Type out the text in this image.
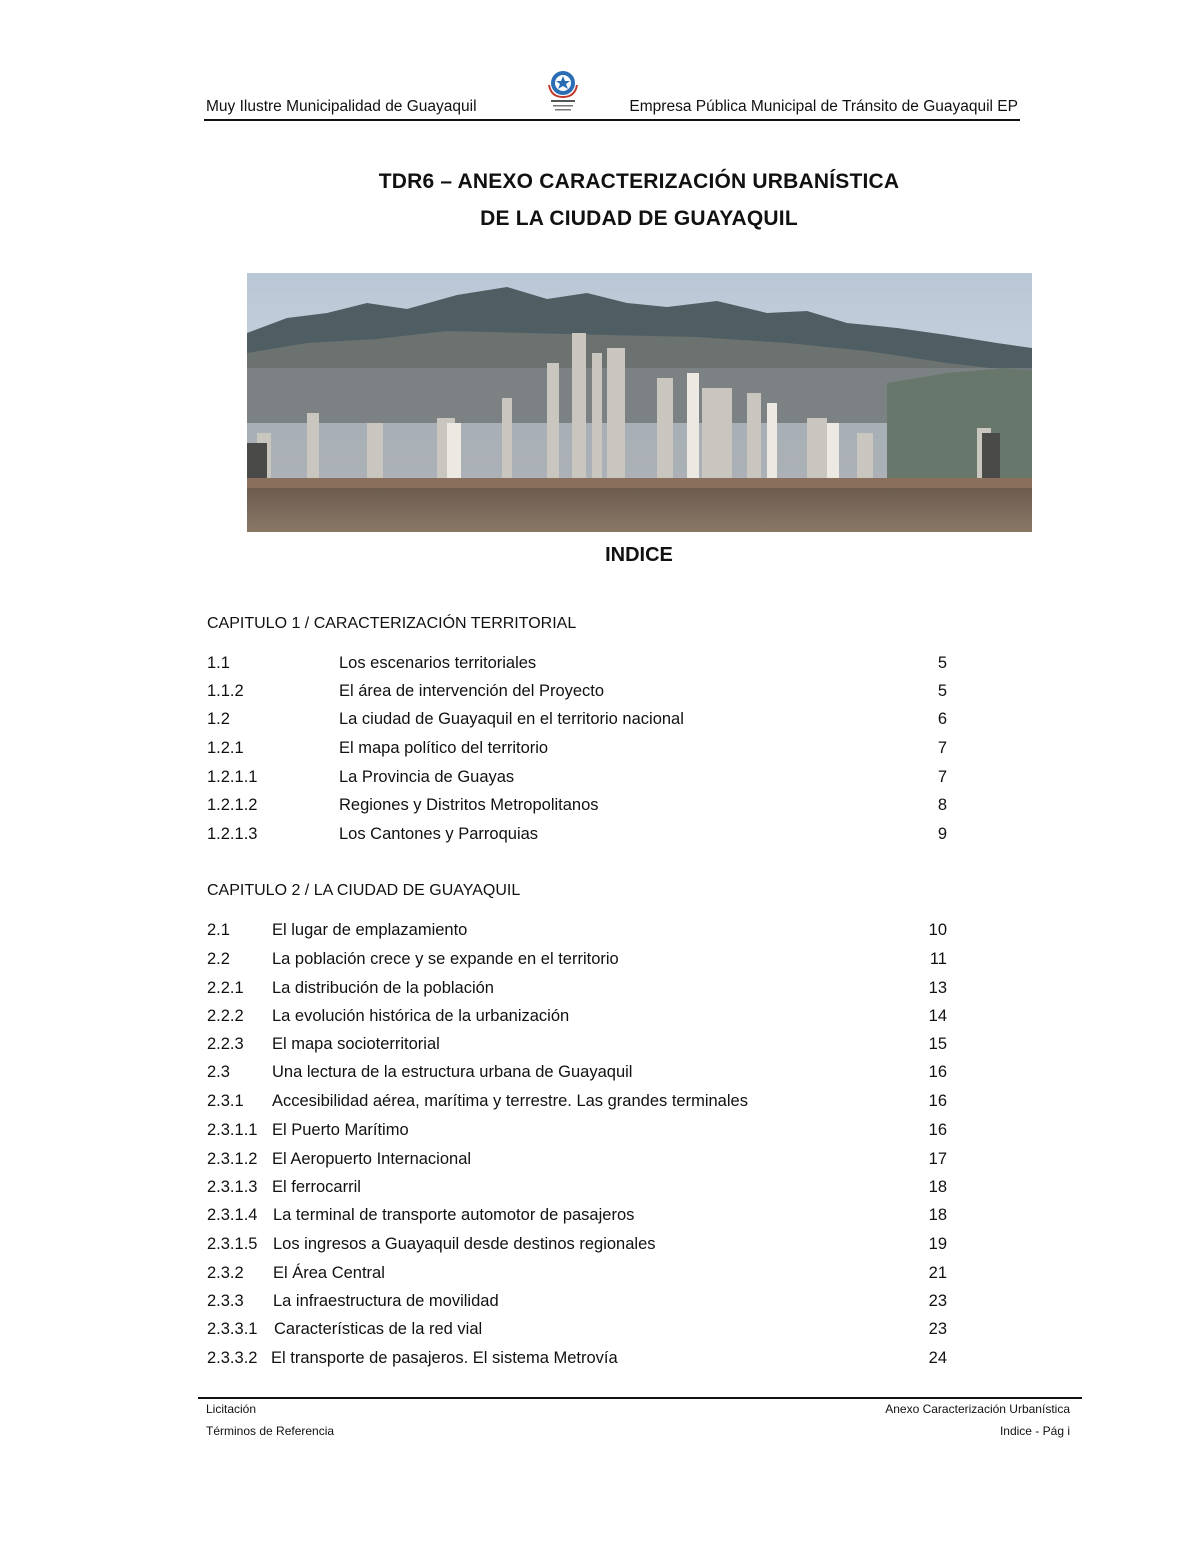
Muy Ilustre Municipalidad de Guayaquil	Empresa Pública Municipal de Tránsito de Guayaquil EP
TDR6 – ANEXO CARACTERIZACIÓN URBANÍSTICA
DE LA CIUDAD DE GUAYAQUIL
INDICE
CAPITULO 1 / CARACTERIZACIÓN TERRITORIAL
1.1	Los escenarios territoriales	5
1.1.2	El área de intervención del Proyecto	5
1.2	La ciudad de Guayaquil en el territorio nacional	6
1.2.1	El mapa político del territorio	7
1.2.1.1	La Provincia de Guayas	7
1.2.1.2	Regiones y Distritos Metropolitanos	8
1.2.1.3	Los Cantones y Parroquias	9
CAPITULO 2 / LA CIUDAD DE GUAYAQUIL
2.1	El lugar de emplazamiento	10
2.2	La población crece y se expande en el territorio	11
2.2.1 La distribución de la población	13
2.2.2 La evolución histórica de la urbanización	14
2.2.3 El mapa socioterritorial	15
2.3	Una lectura de la estructura urbana de Guayaquil	16
2.3.1 Accesibilidad aérea, marítima y terrestre. Las grandes terminales	16
2.3.1.1 El Puerto Marítimo	16
2.3.1.2 El Aeropuerto Internacional	17
2.3.1.3 El ferrocarril	18
2.3.1.4 La terminal de transporte automotor de pasajeros	18
2.3.1.5 Los ingresos a Guayaquil desde destinos regionales	19
2.3.2 El Área Central	21
2.3.3 La infraestructura de movilidad	23
2.3.3.1 Características de la red vial	23
2.3.3.2 El transporte de pasajeros. El sistema Metrovía	24
Licitación
Términos de Referencia
Anexo Caracterización Urbanística
Indice - Pág i
